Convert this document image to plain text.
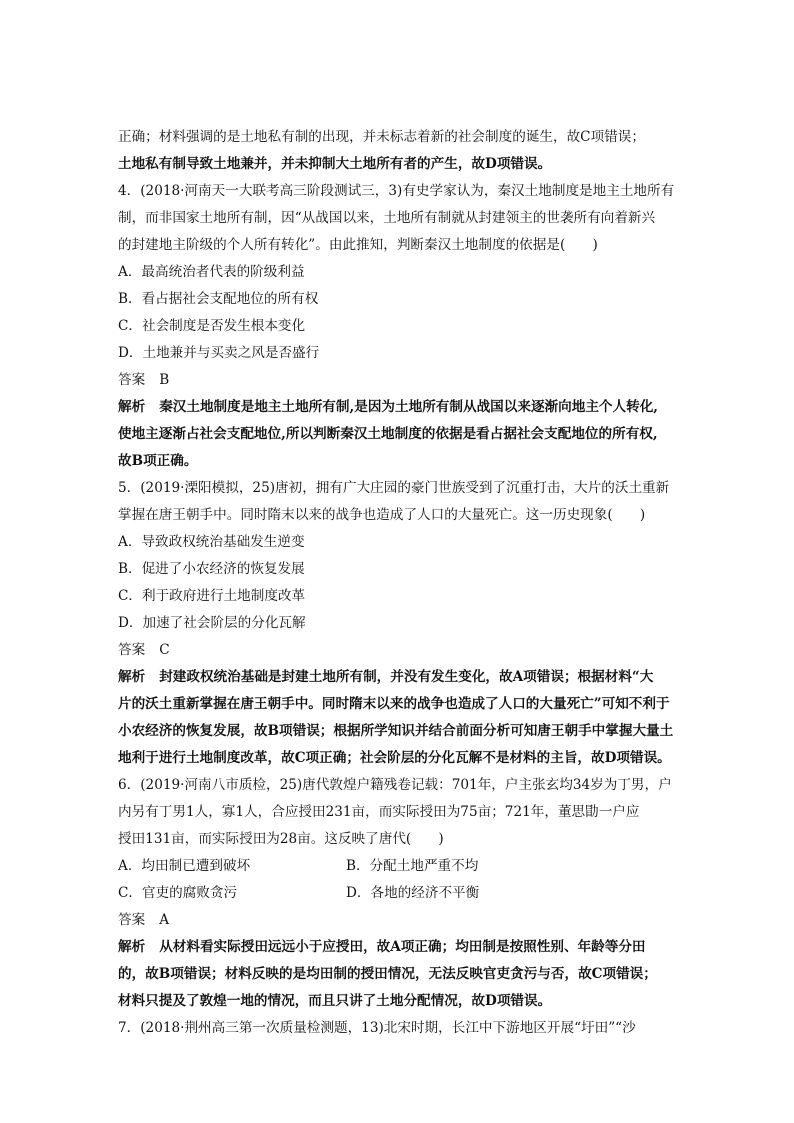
正确；材料强调的是土地私有制的出现，并未标志着新的社会制度的诞生，故C项错误；
土地私有制导致土地兼并，并未抑制大土地所有者的产生，故D项错误。
4．(2018·河南天一大联考高三阶段测试三，3)有史学家认为，秦汉土地制度是地主土地所有
制，而非国家土地所有制，因“从战国以来，土地所有制就从封建领主的世袭所有向着新兴
的封建地主阶级的个人所有转化”。由此推知，判断秦汉土地制度的依据是(　　)
A．最高统治者代表的阶级利益
B．看占据社会支配地位的所有权
C．社会制度是否发生根本变化
D．土地兼并与买卖之风是否盛行
答案 B
解析 秦汉土地制度是地主土地所有制,是因为土地所有制从战国以来逐渐向地主个人转化,
使地主逐渐占社会支配地位,所以判断秦汉土地制度的依据是看占据社会支配地位的所有权,
故B项正确。
5．(2019·溧阳模拟，25)唐初，拥有广大庄园的豪门世族受到了沉重打击，大片的沃土重新
掌握在唐王朝手中。同时隋末以来的战争也造成了人口的大量死亡。这一历史现象(　　)
A．导致政权统治基础发生逆变
B．促进了小农经济的恢复发展
C．利于政府进行土地制度改革
D．加速了社会阶层的分化瓦解
答案 C
解析 封建政权统治基础是封建土地所有制，并没有发生变化，故A项错误；根据材料“大
片的沃土重新掌握在唐王朝手中。同时隋末以来的战争也造成了人口的大量死亡”可知不利于
小农经济的恢复发展，故B项错误；根据所学知识并结合前面分析可知唐王朝手中掌握大量土
地利于进行土地制度改革，故C项正确；社会阶层的分化瓦解不是材料的主旨，故D项错误。
6．(2019·河南八市质检，25)唐代敦煌户籍残卷记载：701年，户主张玄均34岁为丁男，户
内另有丁男1人，寡1人，合应授田231亩，而实际授田为75亩；721年，董思勖一户应
授田131亩，而实际授田为28亩。这反映了唐代(　　)
A．均田制已遭到破坏	B．分配土地严重不均
C．官吏的腐败贪污	D．各地的经济不平衡
答案 A
解析 从材料看实际授田远远小于应授田，故A项正确；均田制是按照性别、年龄等分田
的，故B项错误；材料反映的是均田制的授田情况，无法反映官吏贪污与否，故C项错误；
材料只提及了敦煌一地的情况，而且只讲了土地分配情况，故D项错误。
7．(2018·荆州高三第一次质量检测题，13)北宋时期，长江中下游地区开展“圩田”“沙
